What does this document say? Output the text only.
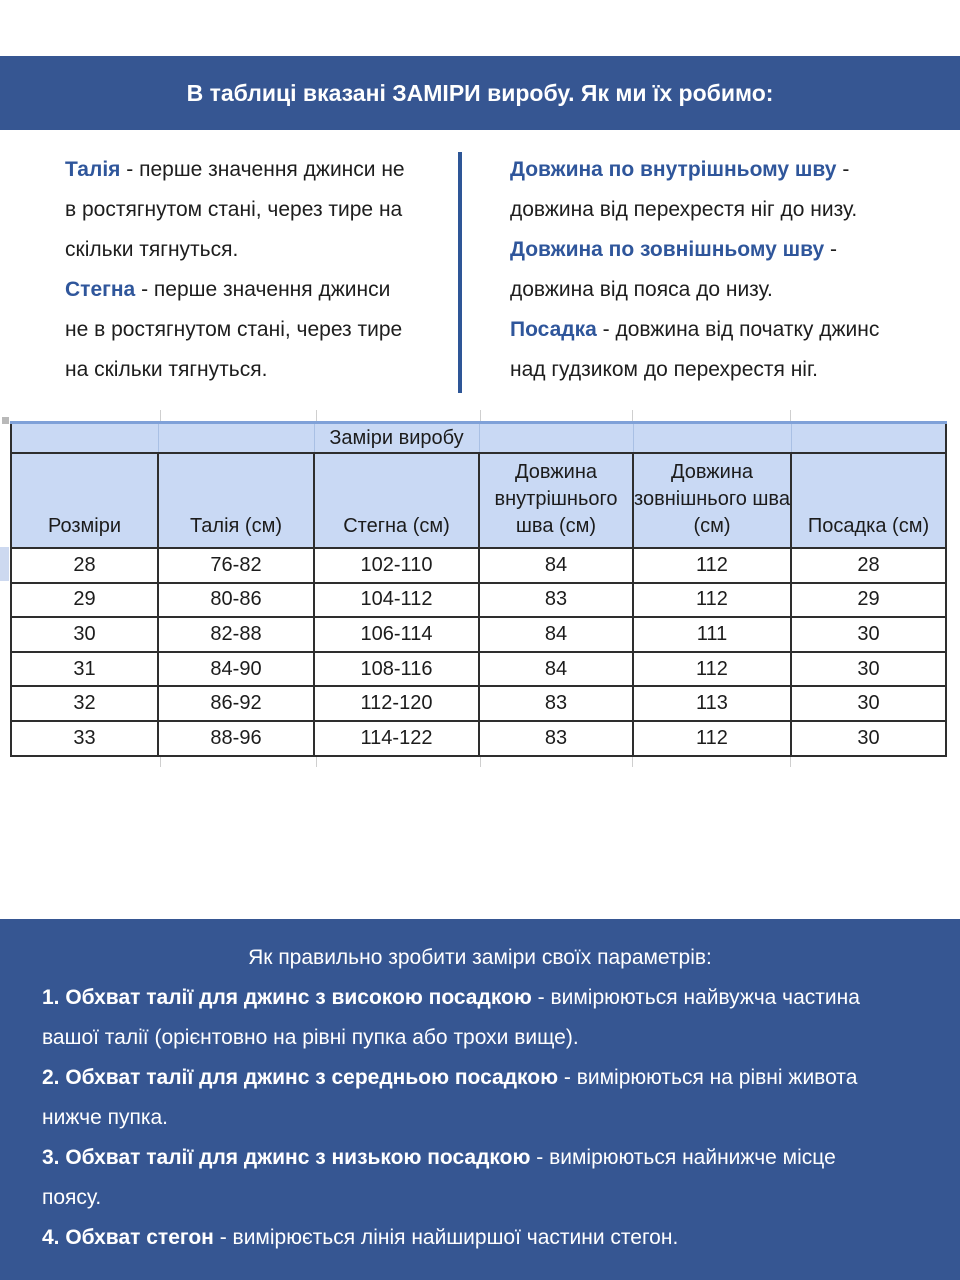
В таблиці вказані ЗАМІРИ виробу. Як ми їх робимо:
Талія - перше значення джинси не
в ростягнутом стані, через тире на
скільки тягнуться.
Стегна - перше значення джинси
не в ростягнутом стані, через тире
на скільки тягнуться.
Довжина по внутрішньому шву -
довжина від перехрестя ніг до низу.
Довжина по зовнішньому шву -
довжина від пояса до низу.
Посадка - довжина від початку джинс
над гудзиком до перехрестя ніг.
		Заміри виробу			
Розміри	Талія (см)	Стегна (см)	Довжина внутрішнього шва (см)	Довжина зовнішнього шва (см)	Посадка (см)
28	76-82	102-110	84	112	28
29	80-86	104-112	83	112	29
30	82-88	106-114	84	111	30
31	84-90	108-116	84	112	30
32	86-92	112-120	83	113	30
33	88-96	114-122	83	112	30
Як правильно зробити заміри своїх параметрів:
1. Обхват талії для джинс з високою посадкою - вимірюються найвужча частина
вашої талії (орієнтовно на рівні пупка або трохи вище).
2. Обхват талії для джинс з середньою посадкою - вимірюються на рівні живота
нижче пупка.
3. Обхват талії для джинс з низькою посадкою - вимірюються найнижче місце
поясу.
4. Обхват стегон - вимірюється лінія найширшої частини стегон.
